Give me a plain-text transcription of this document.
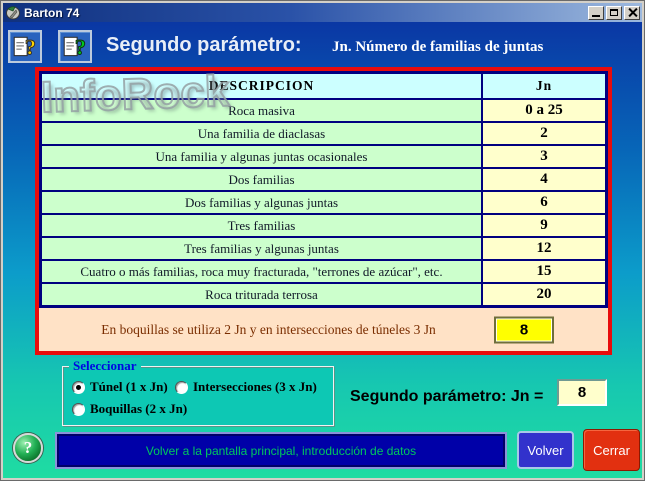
Barton 74
? ? Segundo parámetro: Jn. Número de familias de juntas
DESCRIPCION	Jn
Roca masiva	0 a 25
Una familia de diaclasas	2
Una familia y algunas juntas ocasionales	3
Dos familias	4
Dos familias y algunas juntas	6
Tres familias	9
Tres familias y algunas juntas	12
Cuatro o más familias, roca muy fracturada, "terrones de azúcar", etc.	15
Roca triturada terrosa	20
En boquillas se utiliza 2 Jn y en intersecciones de túneles 3 Jn	8
Seleccionar
Túnel (1 x Jn) Intersecciones (3 x Jn)
Boquillas (2 x Jn)
Segundo parámetro: Jn =	8
?	Volver a la pantalla principal, introducción de datos	Volver	Cerrar
